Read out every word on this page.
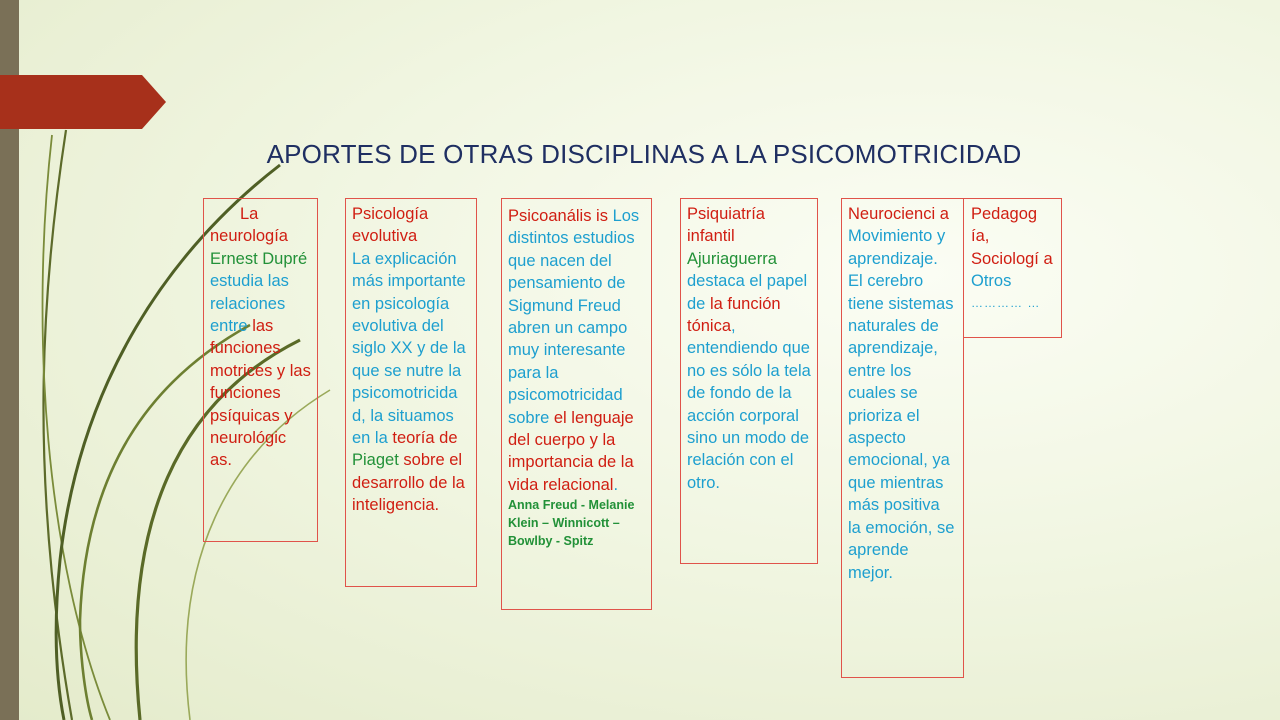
APORTES DE OTRAS DISCIPLINAS A LA PSICOMOTRICIDAD

La neurología

Ernest Dupré

estudia las relaciones entre las funciones motrices y las funciones psíquicas y neurológic as.

Psicología evolutiva

La explicación más importante en psicología evolutiva del siglo XX y de la que se nutre la psicomotricida d, la situamos en la teoría de Piaget sobre el desarrollo de la inteligencia.

Psicoanális is Los distintos estudios que nacen del pensamiento de Sigmund Freud abren un campo muy interesante para la psicomotricidad sobre el lenguaje del cuerpo y la importancia de la vida relacional.

Anna Freud - Melanie Klein – Winnicott – Bowlby - Spitz

Psiquiatría infantil

Ajuriaguerra destaca el papel de la función tónica, entendiendo que no es sólo la tela de fondo de la acción corporal sino un modo de relación con el otro.

Neurocienci a

Movimiento y aprendizaje. El cerebro tiene sistemas naturales de aprendizaje, entre los cuales se prioriza el aspecto emocional, ya que mientras más positiva la emoción, se aprende mejor.

Pedagog ía, Sociologí a Otros

………… …
